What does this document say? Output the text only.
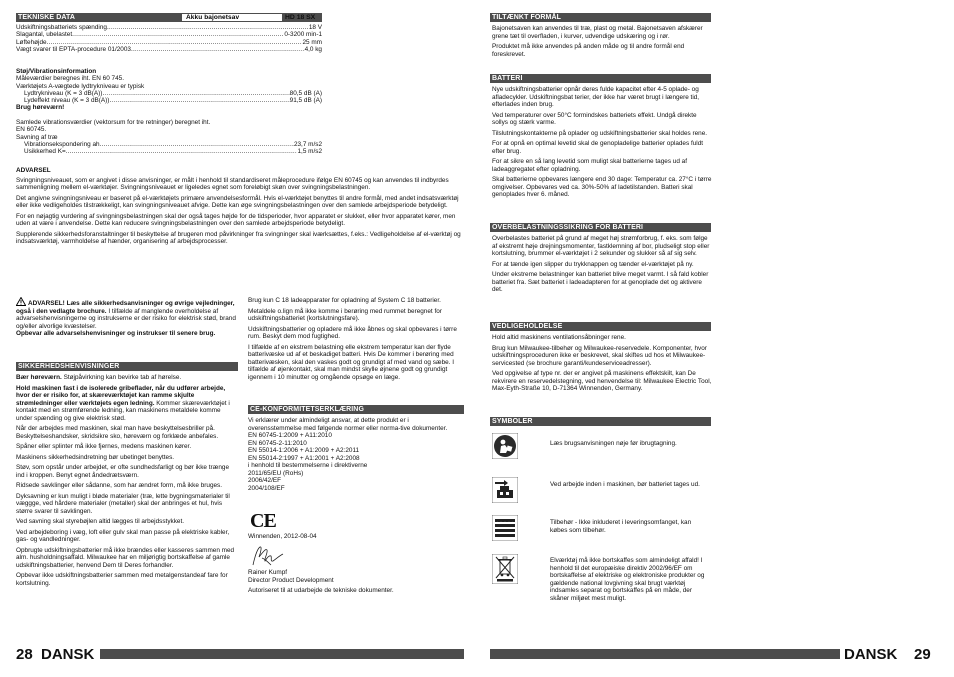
TEKNISKE DATA	Akku bajonetsav	HD 18 SX
Udskiftningsbatteriets spænding .....	18 V
Slagantal, ubelastet .....	0-3200 min-1
Løftehøjde .....	25 mm
Vægt svarer til EPTA-procedure 01/2003 .....	4,0 kg
Støj/Vibrationsinformation
Måleværdier beregnes iht. EN 60 745.
Værktøjets A-vægtede lydtrykniveau er typisk
Lydtrykniveau (K = 3 dB(A)) .....	80,5 dB (A)
Lydeffekt niveau (K = 3 dB(A)) .....	91,5 dB (A)
Brug høreværn!
Samlede vibrationsværdier (vektorsum for tre retninger) beregnet iht.
EN 60745.
Savning af træ
Vibrationsekspondering ah .....	23,7 m/s2
Usikkerhed K= .....	1,5 m/s2

ADVARSEL

Svingningsniveauet, som er angivet i disse anvisninger, er målt i henhold til standardiseret måleprocedure ifølge EN 60745 og kan anvendes til indbyrdes sammenligning mellem el-værktøjer. Svingningsniveauet er ligeledes egnet som foreløbigt skøn over svingningsbelastningen.

Det angivne svingningsniveau er baseret på el-værktøjets primære anvendelsesformål. Hvis el-værktøjet benyttes til andre formål, med andet indsatsværktøj eller ikke vedligeholdes tilstrækkeligt, kan svingningsniveauet afvige. Dette kan øge svingningsbelastningen over den samlede arbejdsperiode betydeligt.

For en nøjagtig vurdering af svingningsbelastningen skal der også tages højde for de tidsperioder, hvor apparatet er slukket, eller hvor apparatet kører, men uden at være i anvendelse. Dette kan reducere svingningsbelastningen over den samlede arbejdsperiode betydeligt.

Supplerende sikkerhedsforanstaltninger til beskyttelse af brugeren mod påvirkninger fra svingninger skal iværksættes, f.eks.: Vedligeholdelse af el-værktøj og indsatsværktøj, varmholdelse af hænder, organisering af arbejdsprocesser.

ADVARSEL! Læs alle sikkerhedsanvisninger og øvrige vejledninger, også i den vedlagte brochure. I tilfælde af manglende overholdelse af advarselshenvisningerne og instrukserne er der risiko for elektrisk stød, brand og/eller alvorlige kvæstelser.
Opbevar alle advarselshenvisninger og instrukser til senere brug.

SIKKERHEDSHENVISNINGER

Bær høreværn. Støjpåvirkning kan bevirke tab af hørelse.

Hold maskinen fast i de isolerede gribeflader, når du udfører arbejde, hvor der er risiko for, at skæreværktøjet kan ramme skjulte strømledninger eller værktøjets egen ledning. Kommer skæreværktøjet i kontakt med en strømførende ledning, kan maskinens metaldele komme under spænding og give elektrisk stød.

Når der arbejdes med maskinen, skal man have beskyttelsesbriller på. Beskyttelseshandsker, skridsikre sko, høreværn og forklæde anbefales.

Spåner eller splinter må ikke fjernes, medens maskinen kører.

Maskinens sikkerhedsindretning bør ubetinget benyttes.

Støv, som opstår under arbejdet, er ofte sundhedsfarligt og bør ikke trænge ind i kroppen. Benyt egnet åndedrætsværn.

Ridsede savklinger eller sådanne, som har ændret form, må ikke bruges.

Dyksavning er kun muligt i bløde materialer (træ, lette bygningsmaterialer til væggge, ved hårdere materialer (metaller) skal der anbringes et hul, hvis større svarer til savklingen.

Ved savning skal styrebøjlen altid lægges til arbejdsstykket.

Ved arbejdeboring i væg, loft eller gulv skal man passe på elektriske kabler, gas- og vandledninger.

Opbrugte udskiftningsbatterier må ikke brændes eller kasseres sammen med alm. husholdningsaffald. Milwaukee har en miljørigtig bortskaffelse af gamle udskiftningsbatterier, henvend Dem til Deres forhandler.

Opbevar ikke udskiftningsbatterier sammen med metalgenstandeaf fare for kortslutning.

Brug kun C 18 ladeapparater for opladning af System C 18 batterier.

Metaldele o.lign må ikke komme i berøring med rummet beregnet for udskiftningsbatteriet (kortslutningsfare).

Udskiftningsbatterier og opladere må ikke åbnes og skal opbevares i tørre rum. Beskyt dem mod fugtighed.

I tilfælde af en ekstrem belastning elle ekstrem temperatur kan der flyde batterivæske ud af et beskadiget batteri. Hvis De kommer i berøring med batterivæsken, skal den vaskes godt og grundigt af med vand og sæbe. I tilfælde af øjenkontakt, skal man mindst skylle øjnene godt og grundigt igennem i 10 minutter og omgående opsøge en læge.

CE-KONFORMITETSERKLÆRING

Vi erklærer under almindeligt ansvar, at dette produkt er i overensstemmelse med følgende normer eller norma-tive dokumenter.

EN 60745-1:2009 + A11:2010
EN 60745-2-11:2010
EN 55014-1:2006 + A1:2009 + A2:2011
EN 55014-2:1997 + A1:2001 + A2:2008
i henhold til bestemmelserne i direktiverne
2011/65/EU (RoHs)
2006/42/EF
2004/108/EF
CE
Winnenden, 2012-08-04
Rainer Kumpf
Director Product Development
Autoriseret til at udarbejde de tekniske dokumenter.
28 DANSK
TILTÆNKT FORMÅL

Bajonetsaven kan anvendes til træ, plast og metal. Bajonetsaven afskærer grene tæt til overfladen, i kurver, udvendige udskæring og i rør.

Produktet må ikke anvendes på anden måde og til andre formål end foreskrevet.

BATTERI

Nye udskiftningsbatterier opnår deres fulde kapacitet efter 4-5 oplade- og afladecykler. Udskiftningsbat terier, der ikke har været brugt i længere tid, efterlades inden brug.

Ved temperaturer over 50°C formindskes batteriets effekt. Undgå direkte sollys og stærk varme.

Tilslutningskontakterne på oplader og udskiftningsbatterier skal holdes rene.

For at opnå en optimal levetid skal de genopladelige batterier oplades fuldt efter brug.

For at sikre en så lang levetid som muligt skal batterierne tages ud af ladeaggregatet efter opladning.

Skal batterierne opbevares længere end 30 dage: Temperatur ca. 27°C i tørre omgivelser. Opbevares ved ca. 30%-50% af ladetilstanden. Batteri skal genoplades hver 6. måned.

OVERBELASTNINGSSIKRING FOR BATTERI

Overbelastes batteriet på grund af meget høj strømforbrug, f. eks. som følge af ekstremt høje drejningsmomenter, fastklemning af bor, pludseligt stop eller kortslutning, brummer el-værktøjet i 2 sekunder og slukker så af sig selv.

For at tænde igen slipper du trykknappen og tænder el-værktøjet på ny.

Under ekstreme belastninger kan batteriet blive meget varmt. I så fald kobler batteriet fra. Sæt batteriet i ladeadapteren for at genoplade det og aktivere det.

VEDLIGEHOLDELSE

Hold altid maskinens ventilationsåbninger rene.

Brug kun Milwaukee-tilbehør og Milwaukee-reservedele. Komponenter, hvor udskiftningsproceduren ikke er beskrevet, skal skiftes ud hos et Milwaukee-servicested (se brochure garanti/kundeserviceadresser).

Ved opgivelse af type nr. der er angivet på maskinens effektskilt, kan De rekvirere en reservedelstegning, ved henvendelse til: Milwaukee Electric Tool, Max-Eyth-Straße 10, D-71364 Winnenden, Germany.

SYMBOLER
Læs brugsanvisningen nøje før ibrugtagning.
Ved arbejde inden i maskinen, bør batteriet tages ud.
Tilbehør - Ikke inkluderet i leveringsomfanget, kan købes som tilbehør.
Elværktøj må ikke bortskaffes som almindeligt affald! I henhold til det europæiske direktiv 2002/96/EF om bortskaffelse af elektriske og elektroniske produkter og gældende national lovgivning skal brugt værktøj indsamles separat og bortskaffes på en måde, der skåner miljøet mest muligt.
DANSK 29
